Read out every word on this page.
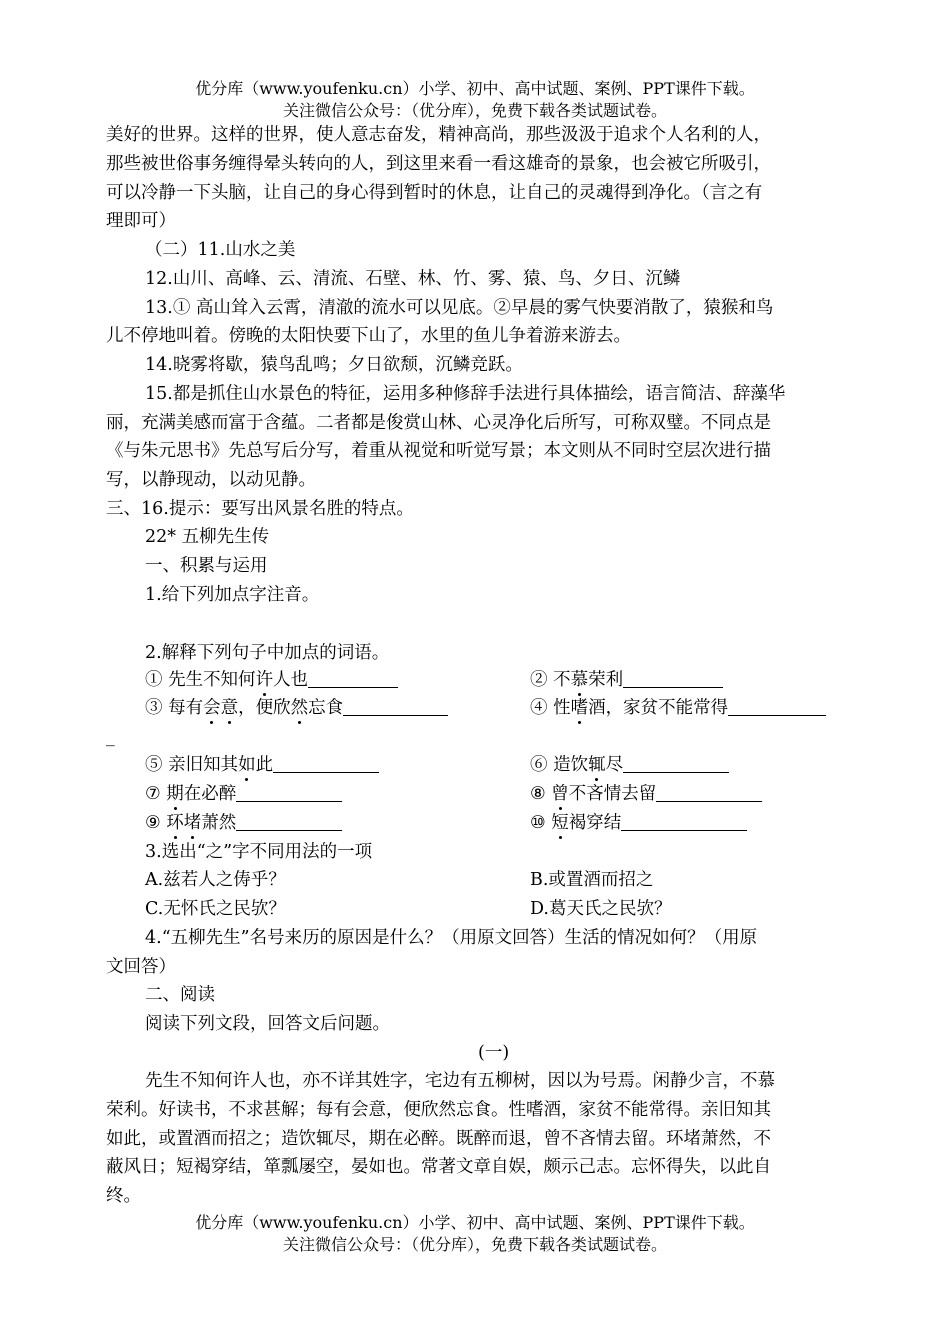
优分库（www.youfenku.cn）小学、初中、高中试题、案例、PPT课件下载。
关注微信公众号：（优分库），免费下载各类试题试卷。
美好的世界。这样的世界，使人意志奋发，精神高尚，那些汲汲于追求个人名利的人，
那些被世俗事务缠得晕头转向的人，到这里来看一看这雄奇的景象，也会被它所吸引，
可以冷静一下头脑，让自己的身心得到暂时的休息，让自己的灵魂得到净化。（言之有
理即可）
（二）11.山水之美
12.山川、高峰、云、清流、石壁、林、竹、雾、猿、鸟、夕日、沉鳞
13.① 高山耸入云霄，清澈的流水可以见底。②早晨的雾气快要消散了，猿猴和鸟
儿不停地叫着。傍晚的太阳快要下山了，水里的鱼儿争着游来游去。
14.晓雾将歇，猿鸟乱鸣；夕日欲颓，沉鳞竞跃。
15.都是抓住山水景色的特征，运用多种修辞手法进行具体描绘，语言简洁、辞藻华
丽，充满美感而富于含蕴。二者都是俊赏山林、心灵净化后所写，可称双璧。不同点是
《与朱元思书》先总写后分写，着重从视觉和听觉写景；本文则从不同时空层次进行描
写，以静现动，以动见静。
三、16.提示：要写出风景名胜的特点。
22* 五柳先生传
一、积累与运用
1.给下列加点字注音。
2.解释下列句子中加点的词语。
① 先生不知何许人也	② 不慕荣利
③ 每有会意，便欣然忘食	④ 性嗜酒，家贫不能常得
_
⑤ 亲旧知其如此	⑥ 造饮辄尽
⑦ 期在必醉	⑧ 曾不吝情去留
⑨ 环堵萧然	⑩ 短褐穿结
3.选出“之”字不同用法的一项
A.兹若人之俦乎？	B.或置酒而招之
C.无怀氏之民欤？	D.葛天氏之民欤？
4.“五柳先生”名号来历的原因是什么？（用原文回答）生活的情况如何？（用原
文回答）
二、阅读
阅读下列文段，回答文后问题。
(一)
先生不知何许人也，亦不详其姓字，宅边有五柳树，因以为号焉。闲静少言，不慕
荣利。好读书，不求甚解；每有会意，便欣然忘食。性嗜酒，家贫不能常得。亲旧知其
如此，或置酒而招之；造饮辄尽，期在必醉。既醉而退，曾不吝情去留。环堵萧然，不
蔽风日；短褐穿结，箪瓢屡空，晏如也。常著文章自娱，颇示己志。忘怀得失，以此自
终。
优分库（www.youfenku.cn）小学、初中、高中试题、案例、PPT课件下载。
关注微信公众号：（优分库），免费下载各类试题试卷。
